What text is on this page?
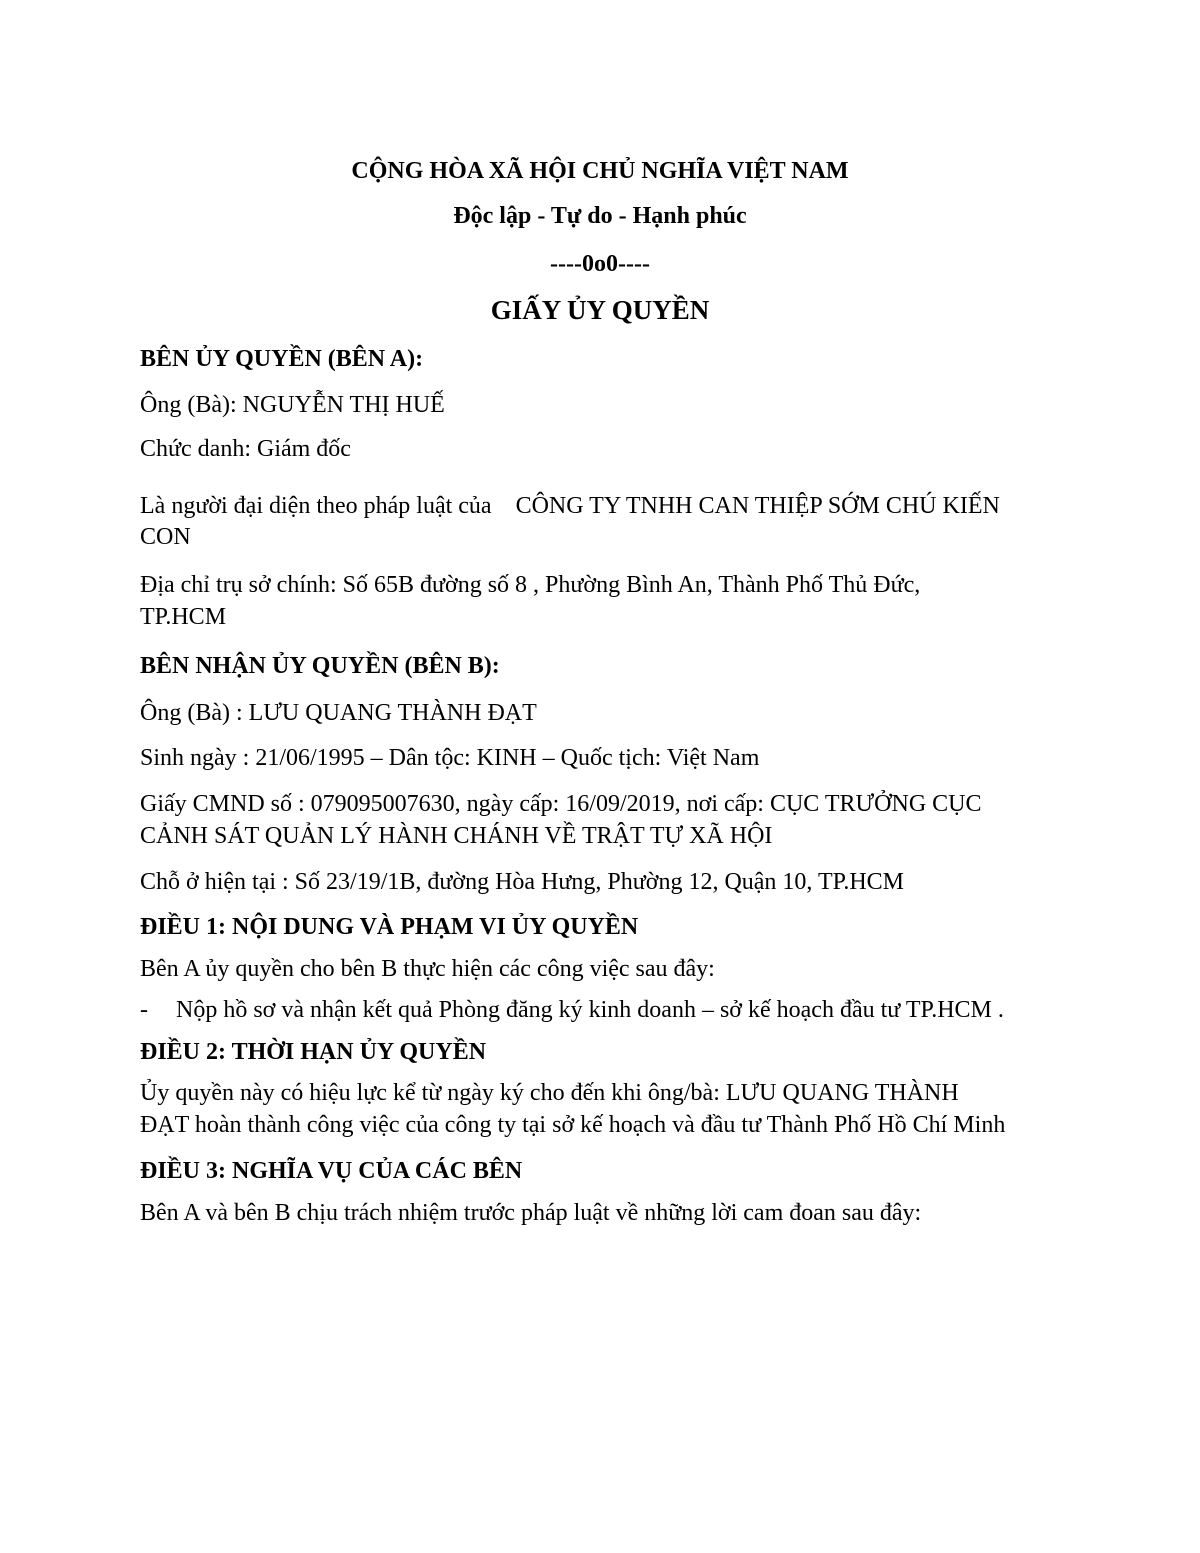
CỘNG HÒA XÃ HỘI CHỦ NGHĨA VIỆT NAM
Độc lập - Tự do - Hạnh phúc
----0o0----
GIẤY ỦY QUYỀN
BÊN ỦY QUYỀN (BÊN A):
Ông (Bà): NGUYỄN THỊ HUẾ
Chức danh: Giám đốc
Là người đại diện theo pháp luật của    CÔNG TY TNHH CAN THIỆP SỚM CHÚ KIẾN
CON
Địa chỉ trụ sở chính: Số 65B đường số 8 , Phường Bình An, Thành Phố Thủ Đức,
TP.HCM
BÊN NHẬN ỦY QUYỀN (BÊN B):
Ông (Bà) : LƯU QUANG THÀNH ĐẠT
Sinh ngày : 21/06/1995 – Dân tộc: KINH – Quốc tịch: Việt Nam
Giấy CMND số : 079095007630, ngày cấp: 16/09/2019, nơi cấp: CỤC TRƯỞNG CỤC
CẢNH SÁT QUẢN LÝ HÀNH CHÁNH VỀ TRẬT TỰ XÃ HỘI
Chỗ ở hiện tại : Số 23/19/1B, đường Hòa Hưng, Phường 12, Quận 10, TP.HCM
ĐIỀU 1: NỘI DUNG VÀ PHẠM VI ỦY QUYỀN
Bên A ủy quyền cho bên B thực hiện các công việc sau đây:
- Nộp hồ sơ và nhận kết quả Phòng đăng ký kinh doanh – sở kế hoạch đầu tư TP.HCM .
ĐIỀU 2: THỜI HẠN ỦY QUYỀN
Ủy quyền này có hiệu lực kể từ ngày ký cho đến khi ông/bà: LƯU QUANG THÀNH
ĐẠT hoàn thành công việc của công ty tại sở kế hoạch và đầu tư Thành Phố Hồ Chí Minh
ĐIỀU 3: NGHĨA VỤ CỦA CÁC BÊN
Bên A và bên B chịu trách nhiệm trước pháp luật về những lời cam đoan sau đây:
